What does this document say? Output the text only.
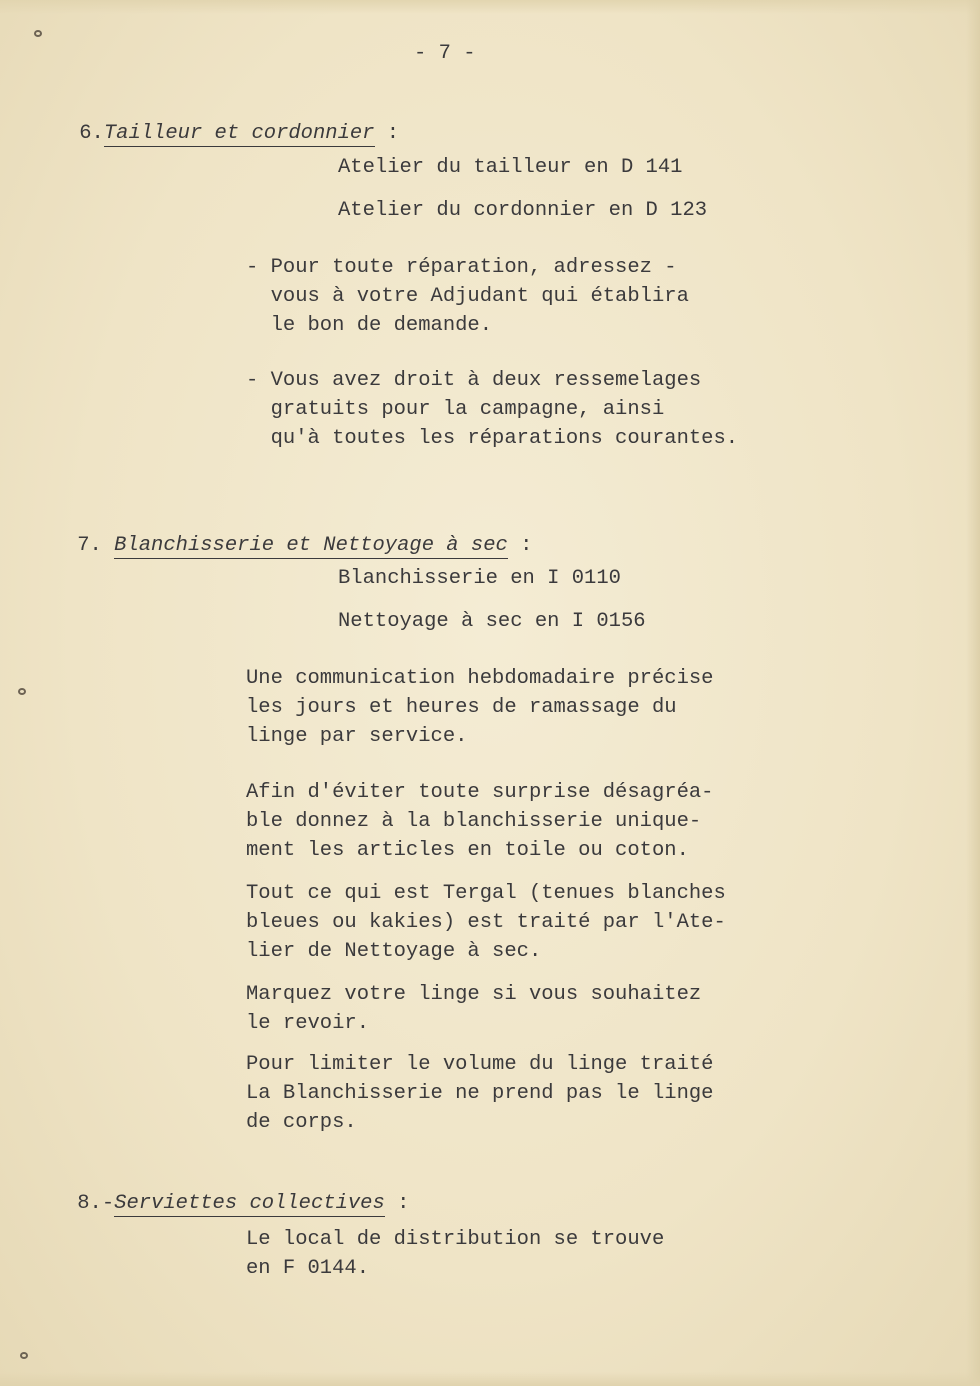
- 7 -

6.Tailleur et cordonnier :

Atelier du tailleur en D 141
Atelier du cordonnier en D 123
- Pour toute réparation, adressez -
vous à votre Adjudant qui établira
le bon de demande.
- Vous avez droit à deux ressemelages
gratuits pour la campagne, ainsi
qu'à toutes les réparations courantes.

7. Blanchisserie et Nettoyage à sec :

Blanchisserie en I 0110
Nettoyage à sec en I 0156
Une communication hebdomadaire précise
les jours et heures de ramassage du
linge par service.
Afin d'éviter toute surprise désagréa-
ble donnez à la blanchisserie unique-
ment les articles en toile ou coton.
Tout ce qui est Tergal (tenues blanches
bleues ou kakies) est traité par l'Ate-
lier de Nettoyage à sec.
Marquez votre linge si vous souhaitez
le revoir.
Pour limiter le volume du linge traité
La Blanchisserie ne prend pas le linge
de corps.

8.-Serviettes collectives :

Le local de distribution se trouve
en F 0144.
